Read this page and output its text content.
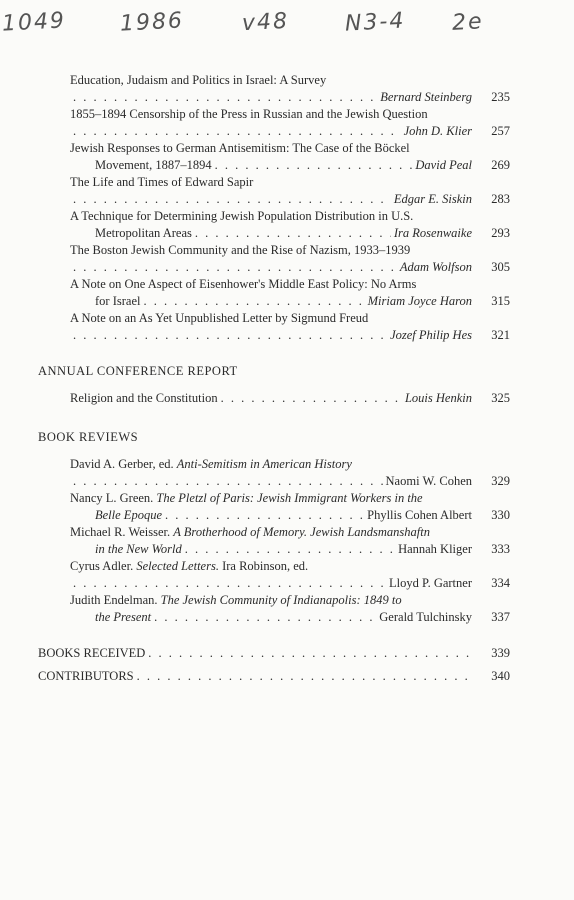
1049 1986	v48 N3-4 2e
Education, Judaism and Politics in Israel: A Survey
. . .
Bernard Steinberg	235
1855–1894 Censorship of the Press in Russian and the Jewish Question
. . .
John D. Klier	257
Jewish Responses to German Antisemitism: The Case of the Böckel
Movement, 1887–1894 . . .	David Peal	269
The Life and Times of Edward Sapir
. . .
Edgar E. Siskin	283
A Technique for Determining Jewish Population Distribution in U.S.
Metropolitan Areas . . .	Ira Rosenwaike	293
The Boston Jewish Community and the Rise of Nazism, 1933–1939
. . .
Adam Wolfson	305
A Note on One Aspect of Eisenhower's Middle East Policy: No Arms
for Israel . . .	Miriam Joyce Haron	315
A Note on an As Yet Unpublished Letter by Sigmund Freud
. . .
Jozef Philip Hes	321
ANNUAL CONFERENCE REPORT
Religion and the Constitution . . .	Louis Henkin	325
BOOK REVIEWS
David A. Gerber, ed. Anti-Semitism in American History
. . .
Naomi W. Cohen	329
Nancy L. Green. The Pletzl of Paris: Jewish Immigrant Workers in the
Belle Epoque . . .	Phyllis Cohen Albert	330
Michael R. Weisser. A Brotherhood of Memory. Jewish Landsmanshaftn
in the New World . . .	Hannah Kliger	333
Cyrus Adler. Selected Letters. Ira Robinson, ed.
. . .
Lloyd P. Gartner	334
Judith Endelman. The Jewish Community of Indianapolis: 1849 to
the Present . . .	Gerald Tulchinsky	337
BOOKS RECEIVED . . .	339
CONTRIBUTORS . . .	340
